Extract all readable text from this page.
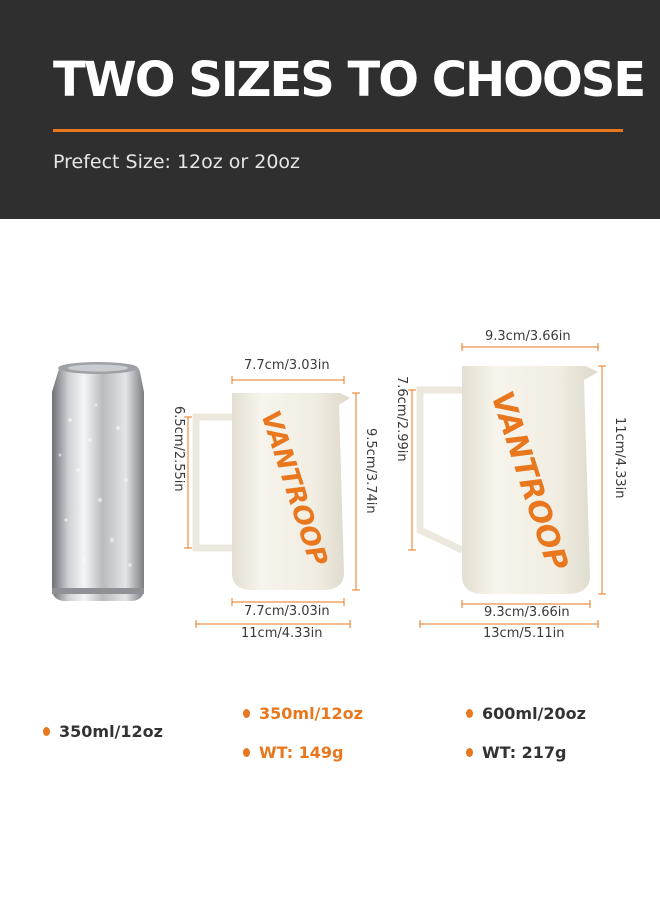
TWO SIZES TO CHOOSE

Prefect Size: 12oz or 20oz

VANTROOP	VANTROOP
7.7cm/3.03in
6.5cm/2.55in	9.5cm/3.74in
7.7cm/3.03in
11cm/4.33in
9.3cm/3.66in
7.6cm/2.99in	11cm/4.33in
9.3cm/3.66in
13cm/5.11in
350ml/12oz
350ml/12oz
WT: 149g
600ml/20oz
WT: 217g
